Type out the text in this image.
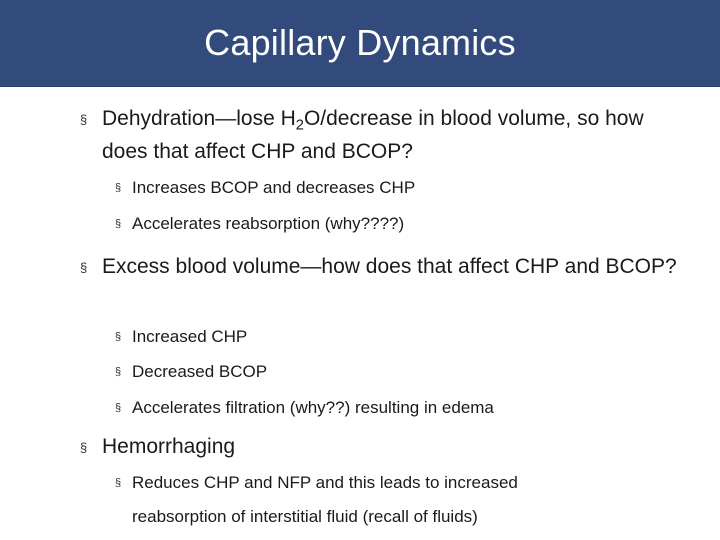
Capillary Dynamics
§ Dehydration—lose $H_2O$/decrease in blood volume, so how does that affect CHP and BCOP?
§ Increases BCOP and decreases CHP
§ Accelerates reabsorption (why????)
§ Excess blood volume—how does that affect CHP and BCOP?
§ Increased CHP
§ Decreased BCOP
§ Accelerates filtration (why??) resulting in edema
§ Hemorrhaging
§ Reduces CHP and NFP and this leads to increased reabsorption of interstitial fluid (recall of fluids)
